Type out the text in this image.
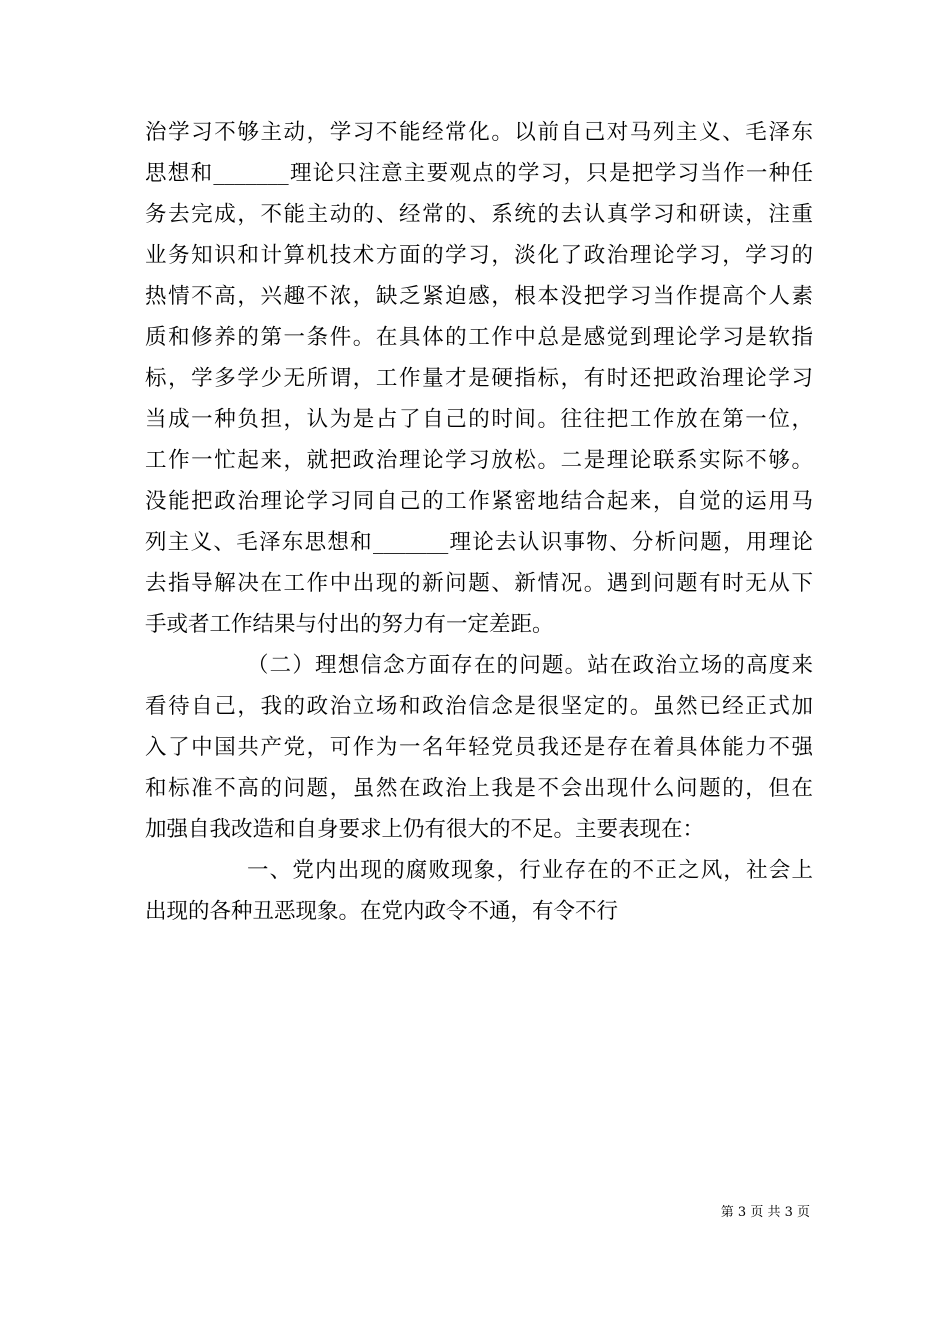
治学习不够主动，学习不能经常化。以前自己对马列主义、毛泽东
思想和_______理论只注意主要观点的学习，只是把学习当作一种任
务去完成，不能主动的、经常的、系统的去认真学习和研读，注重
业务知识和计算机技术方面的学习，淡化了政治理论学习，学习的
热情不高，兴趣不浓，缺乏紧迫感，根本没把学习当作提高个人素
质和修养的第一条件。在具体的工作中总是感觉到理论学习是软指
标，学多学少无所谓，工作量才是硬指标，有时还把政治理论学习
当成一种负担，认为是占了自己的时间。往往把工作放在第一位，
工作一忙起来，就把政治理论学习放松。二是理论联系实际不够。
没能把政治理论学习同自己的工作紧密地结合起来，自觉的运用马
列主义、毛泽东思想和_______理论去认识事物、分析问题，用理论
去指导解决在工作中出现的新问题、新情况。遇到问题有时无从下
手或者工作结果与付出的努力有一定差距。
（二）理想信念方面存在的问题。站在政治立场的高度来
看待自己，我的政治立场和政治信念是很坚定的。虽然已经正式加
入了中国共产党，可作为一名年轻党员我还是存在着具体能力不强
和标准不高的问题，虽然在政治上我是不会出现什么问题的，但在
加强自我改造和自身要求上仍有很大的不足。主要表现在：
一、党内出现的腐败现象，行业存在的不正之风，社会上
出现的各种丑恶现象。在党内政令不通，有令不行
第 3 页 共 3 页
